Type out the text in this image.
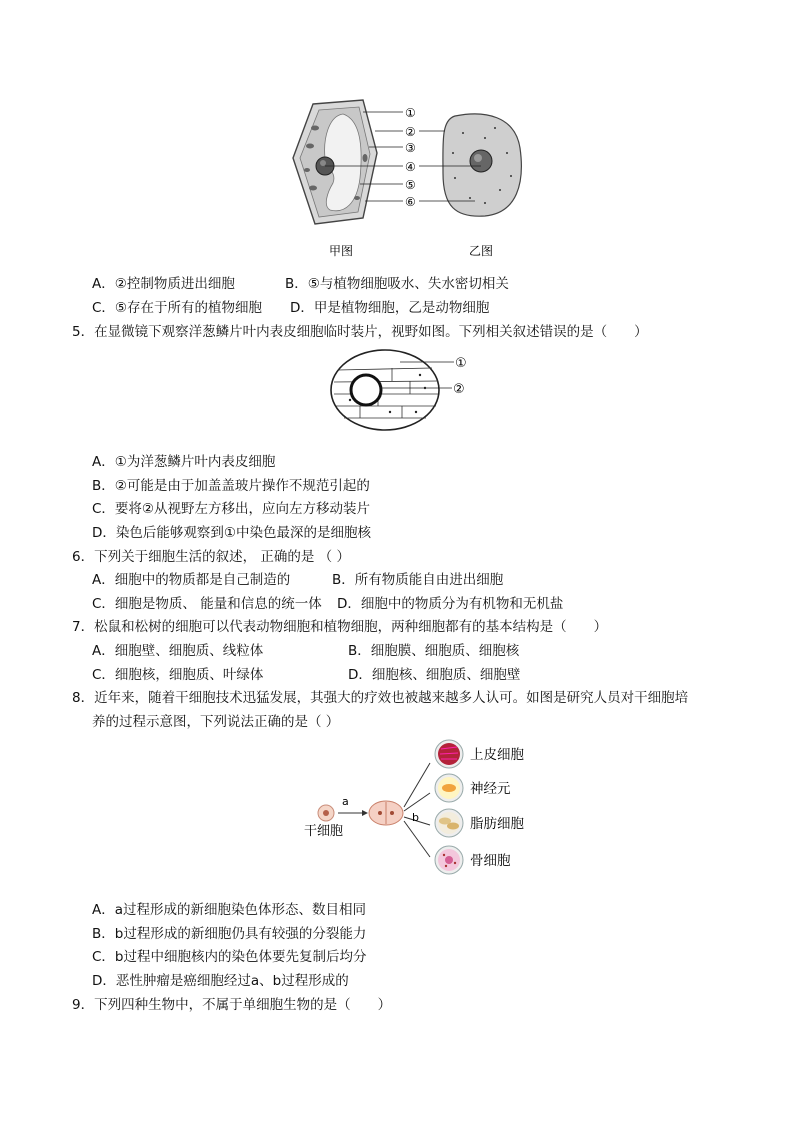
①
②
③
④
⑤
⑥
甲图	乙图
A．②控制物质进出细胞	B．⑤与植物细胞吸水、失水密切相关
C．⑤存在于所有的植物细胞 D．甲是植物细胞，乙是动物细胞
5．在显微镜下观察洋葱鳞片叶内表皮细胞临时装片，视野如图。下列相关叙述错误的是（　　）
①
②
A．①为洋葱鳞片叶内表皮细胞
B．②可能是由于加盖盖玻片操作不规范引起的
C．要将②从视野左方移出，应向左方移动装片
D．染色后能够观察到①中染色最深的是细胞核
6．下列关于细胞生活的叙述， 正确的是 （ ）
A．细胞中的物质都是自己制造的	B．所有物质能自由进出细胞
C．细胞是物质、 能量和信息的统一体 D．细胞中的物质分为有机物和无机盐
7．松鼠和松树的细胞可以代表动物细胞和植物细胞，两种细胞都有的基本结构是（　　）
A．细胞壁、细胞质、线粒体	B．细胞膜、细胞质、细胞核
C．细胞核，细胞质、叶绿体	D．细胞核、细胞质、细胞壁
8．近年来，随着干细胞技术迅猛发展，其强大的疗效也被越来越多人认可。如图是研究人员对干细胞培
养的过程示意图，下列说法正确的是（ ）
干细胞
a
b
上皮细胞
神经元
脂肪细胞
骨细胞
A．a过程形成的新细胞染色体形态、数目相同
B．b过程形成的新细胞仍具有较强的分裂能力
C．b过程中细胞核内的染色体要先复制后均分
D．恶性肿瘤是癌细胞经过a、b过程形成的
9．下列四种生物中，不属于单细胞生物的是（　　）
